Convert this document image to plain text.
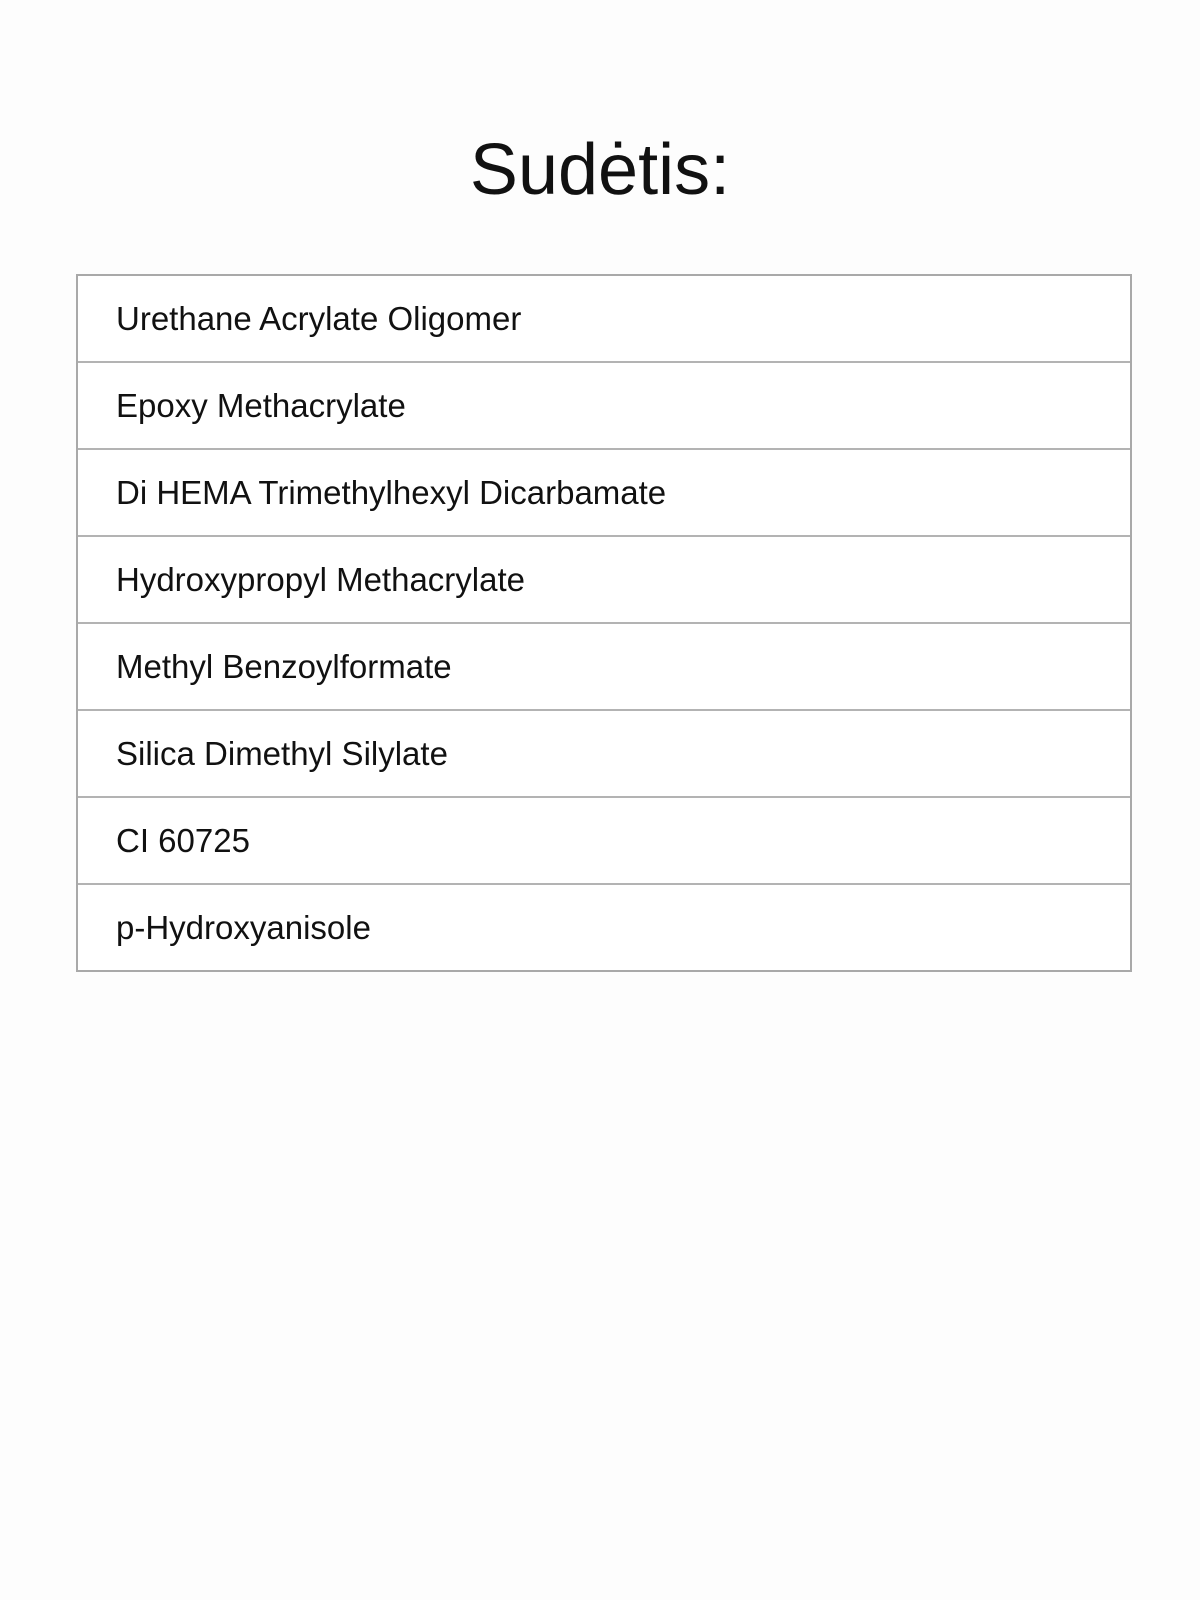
Sudėtis:
Urethane Acrylate Oligomer
Epoxy Methacrylate
Di HEMA Trimethylhexyl Dicarbamate
Hydroxypropyl Methacrylate
Methyl Benzoylformate
Silica Dimethyl Silylate
CI 60725
p-Hydroxyanisole
